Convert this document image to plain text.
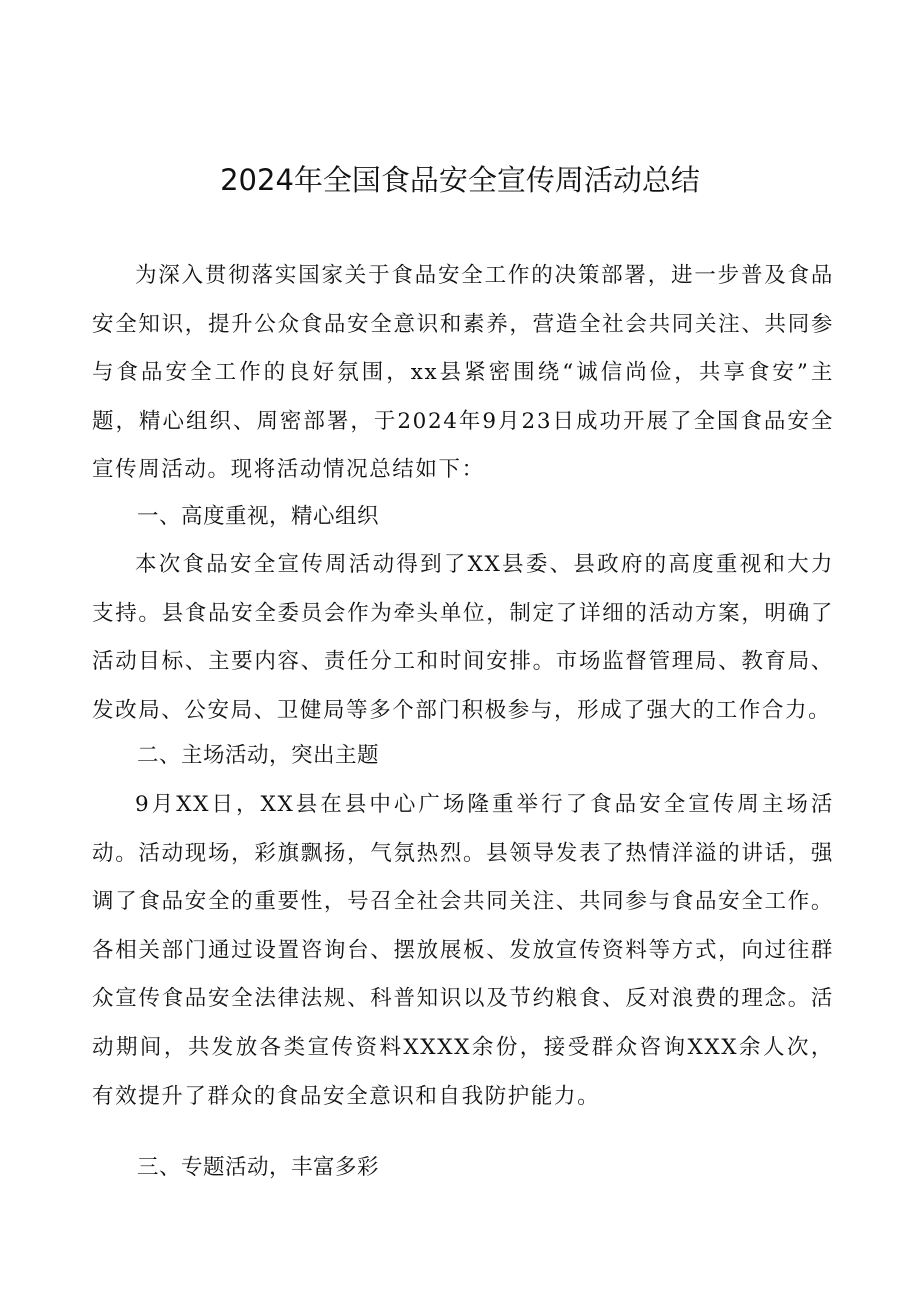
2024年全国食品安全宣传周活动总结

为深入贯彻落实国家关于食品安全工作的决策部署，进一步普及食品安全知识，提升公众食品安全意识和素养，营造全社会共同关注、共同参与食品安全工作的良好氛围，xx县紧密围绕“诚信尚俭，共享食安”主题，精心组织、周密部署，于2024年9月23日成功开展了全国食品安全宣传周活动。现将活动情况总结如下：

一、高度重视，精心组织

本次食品安全宣传周活动得到了XX县委、县政府的高度重视和大力支持。县食品安全委员会作为牵头单位，制定了详细的活动方案，明确了活动目标、主要内容、责任分工和时间安排。市场监督管理局、教育局、发改局、公安局、卫健局等多个部门积极参与，形成了强大的工作合力。

二、主场活动，突出主题

9月XX日，XX县在县中心广场隆重举行了食品安全宣传周主场活动。活动现场，彩旗飘扬，气氛热烈。县领导发表了热情洋溢的讲话，强调了食品安全的重要性，号召全社会共同关注、共同参与食品安全工作。各相关部门通过设置咨询台、摆放展板、发放宣传资料等方式，向过往群众宣传食品安全法律法规、科普知识以及节约粮食、反对浪费的理念。活动期间，共发放各类宣传资料XXXX余份，接受群众咨询XXX余人次，有效提升了群众的食品安全意识和自我防护能力。

三、专题活动，丰富多彩
